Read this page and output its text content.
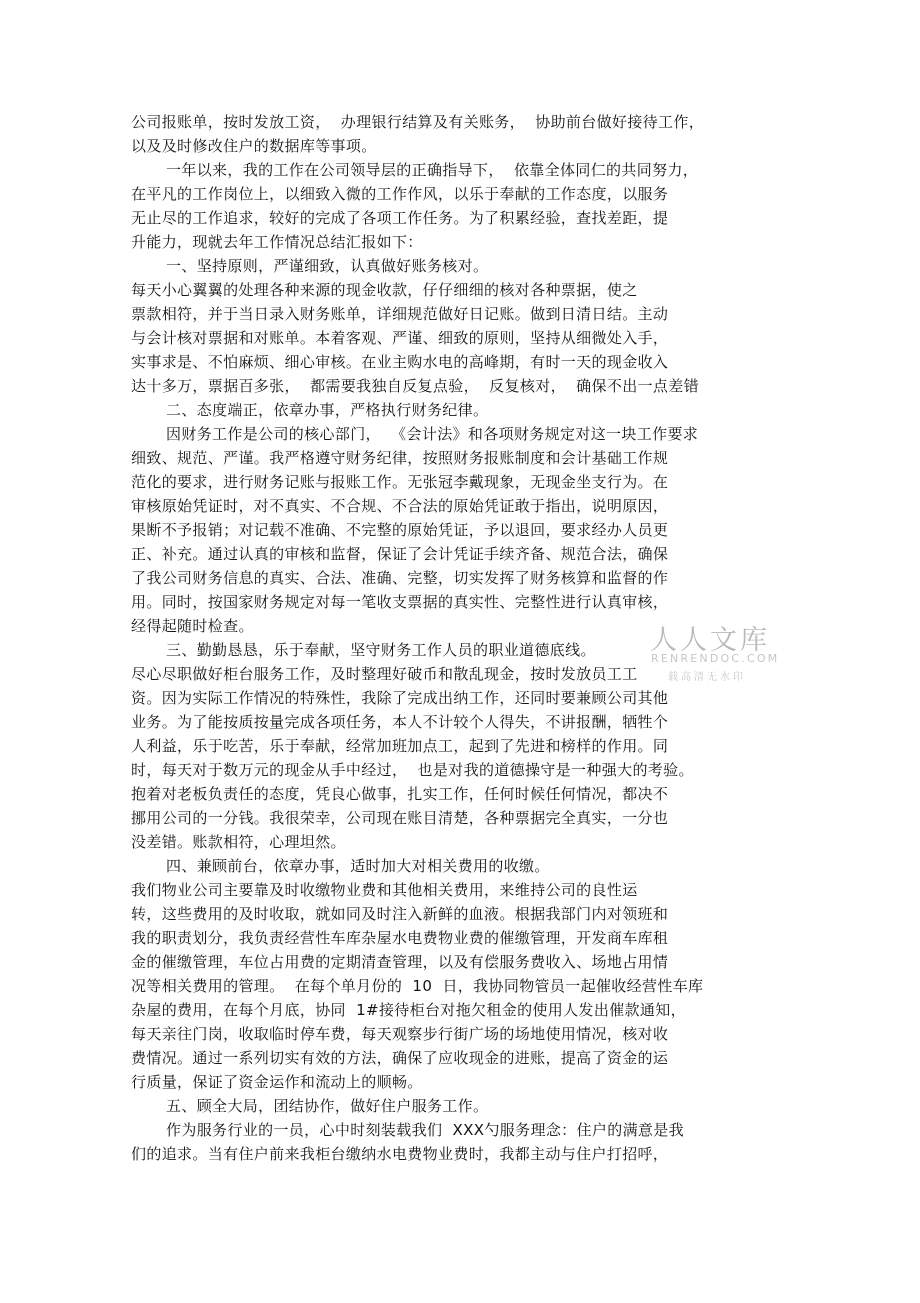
公司报账单，按时发放工资，  办理银行结算及有关账务，  协助前台做好接待工作，

以及及时修改住户的数据库等事项。

一年以来，我的工作在公司领导层的正确指导下，  依靠全体同仁的共同努力，

在平凡的工作岗位上，以细致入微的工作作风，以乐于奉献的工作态度，以服务

无止尽的工作追求，较好的完成了各项工作任务。为了积累经验，查找差距，提

升能力，现就去年工作情况总结汇报如下：

一、坚持原则，严谨细致，认真做好账务核对。

每天小心翼翼的处理各种来源的现金收款，仔仔细细的核对各种票据，使之

票款相符，并于当日录入财务账单，详细规范做好日记账。做到日清日结。主动

与会计核对票据和对账单。本着客观、严谨、细致的原则，坚持从细微处入手，

实事求是、不怕麻烦、细心审核。在业主购水电的高峰期，有时一天的现金收入

达十多万，票据百多张，  都需要我独自反复点验，  反复核对，  确保不出一点差错

二、态度端正，依章办事，严格执行财务纪律。

因财务工作是公司的核心部门，  《会计法》和各项财务规定对这一块工作要求

细致、规范、严谨。我严格遵守财务纪律，按照财务报账制度和会计基础工作规

范化的要求，进行财务记账与报账工作。无张冠李戴现象，无现金坐支行为。在

审核原始凭证时，对不真实、不合规、不合法的原始凭证敢于指出，说明原因，

果断不予报销；对记载不准确、不完整的原始凭证，予以退回，要求经办人员更

正、补充。通过认真的审核和监督，保证了会计凭证手续齐备、规范合法，确保

了我公司财务信息的真实、合法、准确、完整，切实发挥了财务核算和监督的作

用。同时，按国家财务规定对每一笔收支票据的真实性、完整性进行认真审核，

经得起随时检查。

三、勤勤恳恳，乐于奉献，坚守财务工作人员的职业道德底线。

尽心尽职做好柜台服务工作，及时整理好破币和散乱现金，按时发放员工工

资。因为实际工作情况的特殊性，我除了完成出纳工作，还同时要兼顾公司其他

业务。为了能按质按量完成各项任务，本人不计较个人得失，不讲报酬，牺牲个

人利益，乐于吃苦，乐于奉献，经常加班加点工，起到了先进和榜样的作用。同

时，每天对于数万元的现金从手中经过，  也是对我的道德操守是一种强大的考验。

抱着对老板负责任的态度，凭良心做事，扎实工作，任何时候任何情况，都决不

挪用公司的一分钱。我很荣幸，公司现在账目清楚，各种票据完全真实，一分也

没差错。账款相符，心理坦然。

四、兼顾前台，依章办事，适时加大对相关费用的收缴。

我们物业公司主要靠及时收缴物业费和其他相关费用，来维持公司的良性运

转，这些费用的及时收取，就如同及时注入新鲜的血液。根据我部门内对领班和

我的职责划分，我负责经营性车库杂屋水电费物业费的催缴管理，开发商车库租

金的催缴管理，车位占用费的定期清查管理，以及有偿服务费收入、场地占用情

况等相关费用的管理。  在每个单月份的  10  日，我协同物管员一起催收经营性车库

杂屋的费用，在每个月底，协同  1#接待柜台对拖欠租金的使用人发出催款通知，

每天亲往门岗，收取临时停车费，每天观察步行街广场的场地使用情况，核对收

费情况。通过一系列切实有效的方法，确保了应收现金的进账，提高了资金的运

行质量，保证了资金运作和流动上的顺畅。

五、顾全大局，团结协作，做好住户服务工作。

作为服务行业的一员，心中时刻装载我们  XXX勺服务理念：住户的满意是我

们的追求。当有住户前来我柜台缴纳水电费物业费时，我都主动与住户打招呼，

人人文库
RENRENDOC.COM
载高清无水印
